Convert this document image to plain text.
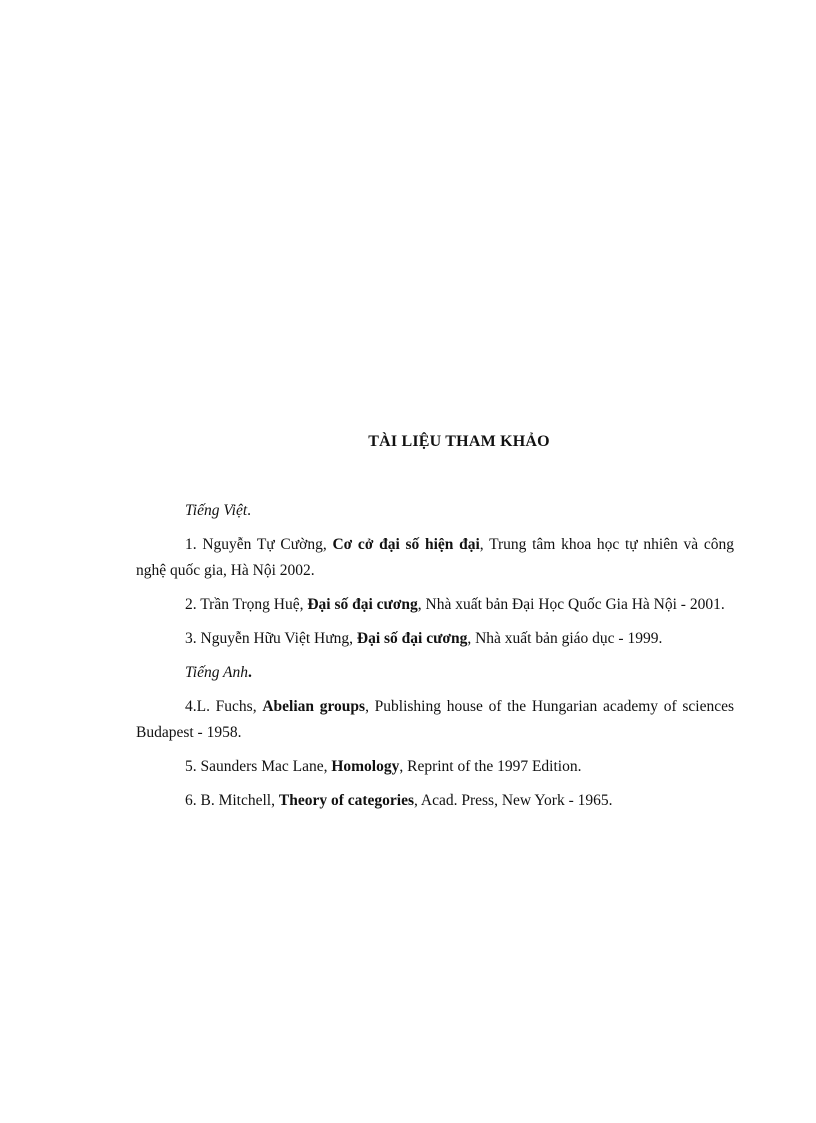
TÀI LIỆU THAM KHẢO

Tiếng Việt.

1. Nguyễn Tự Cường, Cơ cở đại số hiện đại, Trung tâm khoa học tự nhiên và công nghệ quốc gia, Hà Nội 2002.

2. Trần Trọng Huệ, Đại số đại cương, Nhà xuất bản Đại Học Quốc Gia Hà Nội - 2001.

3. Nguyễn Hữu Việt Hưng, Đại số đại cương, Nhà xuất bản giáo dục - 1999.

Tiếng Anh.

4.L. Fuchs, Abelian groups, Publishing house of the Hungarian academy of sciences Budapest - 1958.

5. Saunders Mac Lane, Homology, Reprint of the 1997 Edition.

6. B. Mitchell, Theory of categories, Acad. Press, New York - 1965.
